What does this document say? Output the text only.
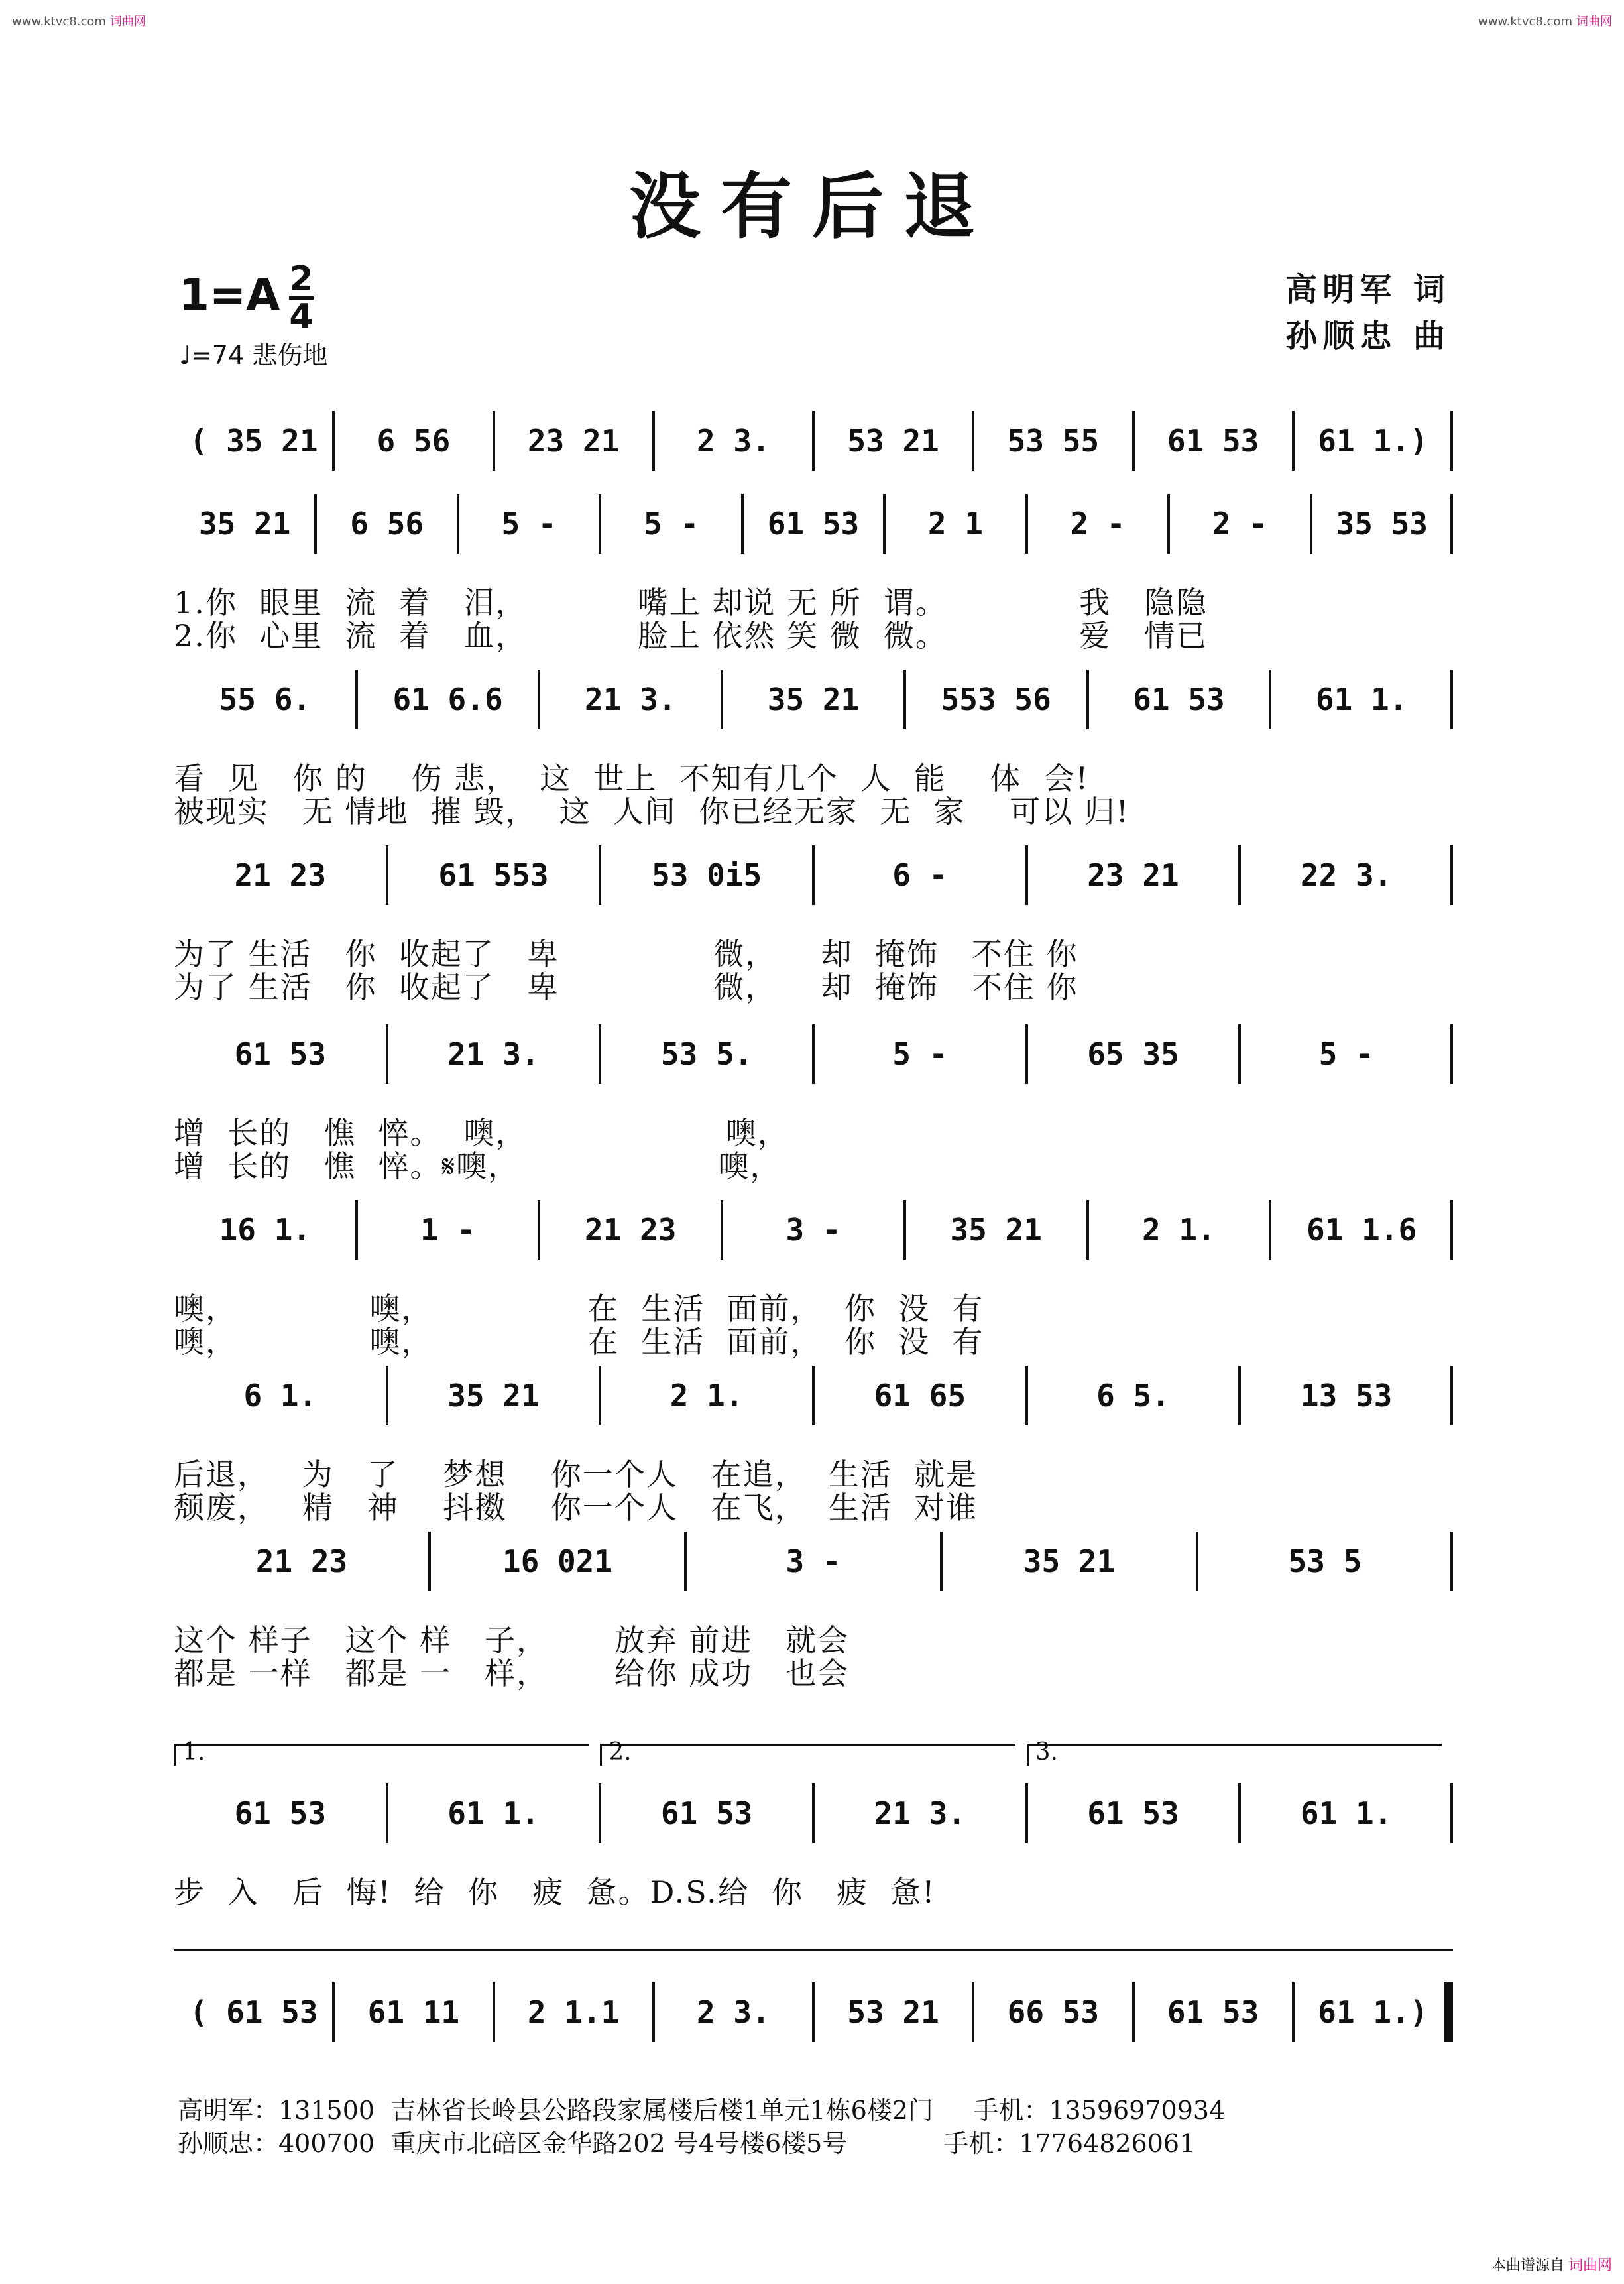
www.ktvc8.com 词曲网	www.ktvc8.com 词曲网
没有后退
$1=A \frac{2}{4}$
♩=74 悲伤地
高明军 词
孙顺忠 曲
( 35 21	6 56	23 21	2 3.	53 21	53 55	61 53	61 1.)
35 21	6 56	5 -	5 -	61 53	2 1	2 -	2 -	35 53
1.你  眼里  流  着   泪，          嘴上 却说 无 所  谓。            我   隐隐
2.你  心里  流  着   血，          脸上 依然 笑 微  微。            爱   情已
55 6.	61 6.6	21 3.	35 21	553 56	61 53	61 1.
看  见   你 的    伤 悲，  这  世上  不知有几个  人  能    体  会!
被现实   无 情地  摧 毁，  这  人间  你已经无家  无  家    可以 归!
21 23	61 553	53 0i5	6 -	23 21	22 3.
为了 生活   你  收起了   卑              微，    却  掩饰   不住 你
为了 生活   你  收起了   卑              微，    却  掩饰   不住 你
61 53	21 3.	53 5.	5 -	65 35	5 -
增  长的   憔  悴。  噢，                  噢，
增  长的   憔  悴。𝄋噢，                  噢，
16 1.	1 -	21 23	3 -	35 21	2 1.	61 1.6
噢，            噢，              在  生活  面前，  你  没  有
噢，            噢，              在  生活  面前，  你  没  有
6 1.	35 21	2 1.	61 65	6 5.	13 53
后退，   为   了    梦想    你一个人   在追，  生活  就是
颓废，   精   神    抖擞    你一个人   在飞，  生活  对谁
21 23	16 021	3 -	35 21	53 5
这个 样子   这个 样   子，      放弃 前进   就会
都是 一样   都是 一   样，      给你 成功   也会
61 53	61 1.	61 53	21 3.	61 53	61 1.
1.	2.	3.
步  入   后  悔!  给  你   疲  惫。D.S.给  你   疲  惫!
( 61 53	61 11	2 1.1	2 3.	53 21	66 53	61 53	61 1.)
高明军：131500  吉林省长岭县公路段家属楼后楼1单元1栋6楼2门     手机：13596970934
孙顺忠：400700  重庆市北碚区金华路202 号4号楼6楼5号            手机：17764826061
本曲谱源自 词曲网
